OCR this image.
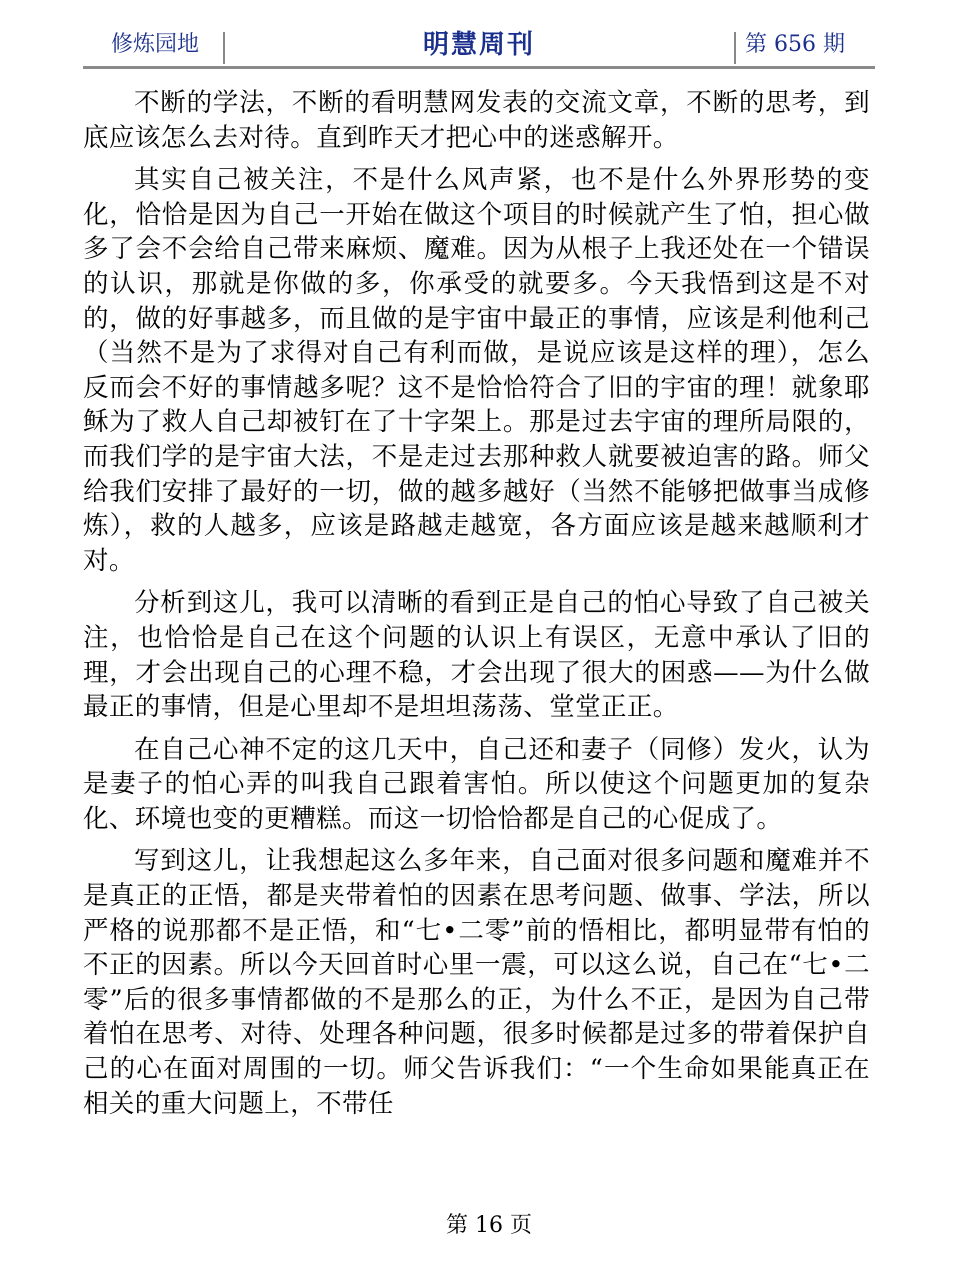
修炼园地	明慧周刊	第 656 期

不断的学法，不断的看明慧网发表的交流文章，不断的思考，到底应该怎么去对待。直到昨天才把心中的迷惑解开。

其实自己被关注，不是什么风声紧，也不是什么外界形势的变化，恰恰是因为自己一开始在做这个项目的时候就产生了怕，担心做多了会不会给自己带来麻烦、魔难。因为从根子上我还处在一个错误的认识，那就是你做的多，你承受的就要多。今天我悟到这是不对的，做的好事越多，而且做的是宇宙中最正的事情，应该是利他利己（当然不是为了求得对自己有利而做，是说应该是这样的理），怎么反而会不好的事情越多呢？这不是恰恰符合了旧的宇宙的理！就象耶稣为了救人自己却被钉在了十字架上。那是过去宇宙的理所局限的，而我们学的是宇宙大法，不是走过去那种救人就要被迫害的路。师父给我们安排了最好的一切，做的越多越好（当然不能够把做事当成修炼），救的人越多，应该是路越走越宽，各方面应该是越来越顺利才对。

分析到这儿，我可以清晰的看到正是自己的怕心导致了自己被关注，也恰恰是自己在这个问题的认识上有误区，无意中承认了旧的理，才会出现自己的心理不稳，才会出现了很大的困惑——为什么做最正的事情，但是心里却不是坦坦荡荡、堂堂正正。

在自己心神不定的这几天中，自己还和妻子（同修）发火，认为是妻子的怕心弄的叫我自己跟着害怕。所以使这个问题更加的复杂化、环境也变的更糟糕。而这一切恰恰都是自己的心促成了。

写到这儿，让我想起这么多年来，自己面对很多问题和魔难并不是真正的正悟，都是夹带着怕的因素在思考问题、做事、学法，所以严格的说那都不是正悟，和“七•二零”前的悟相比，都明显带有怕的不正的因素。所以今天回首时心里一震，可以这么说，自己在“七•二零”后的很多事情都做的不是那么的正，为什么不正，是因为自己带着怕在思考、对待、处理各种问题，很多时候都是过多的带着保护自己的心在面对周围的一切。师父告诉我们：“一个生命如果能真正在相关的重大问题上，不带任

第 16 页
